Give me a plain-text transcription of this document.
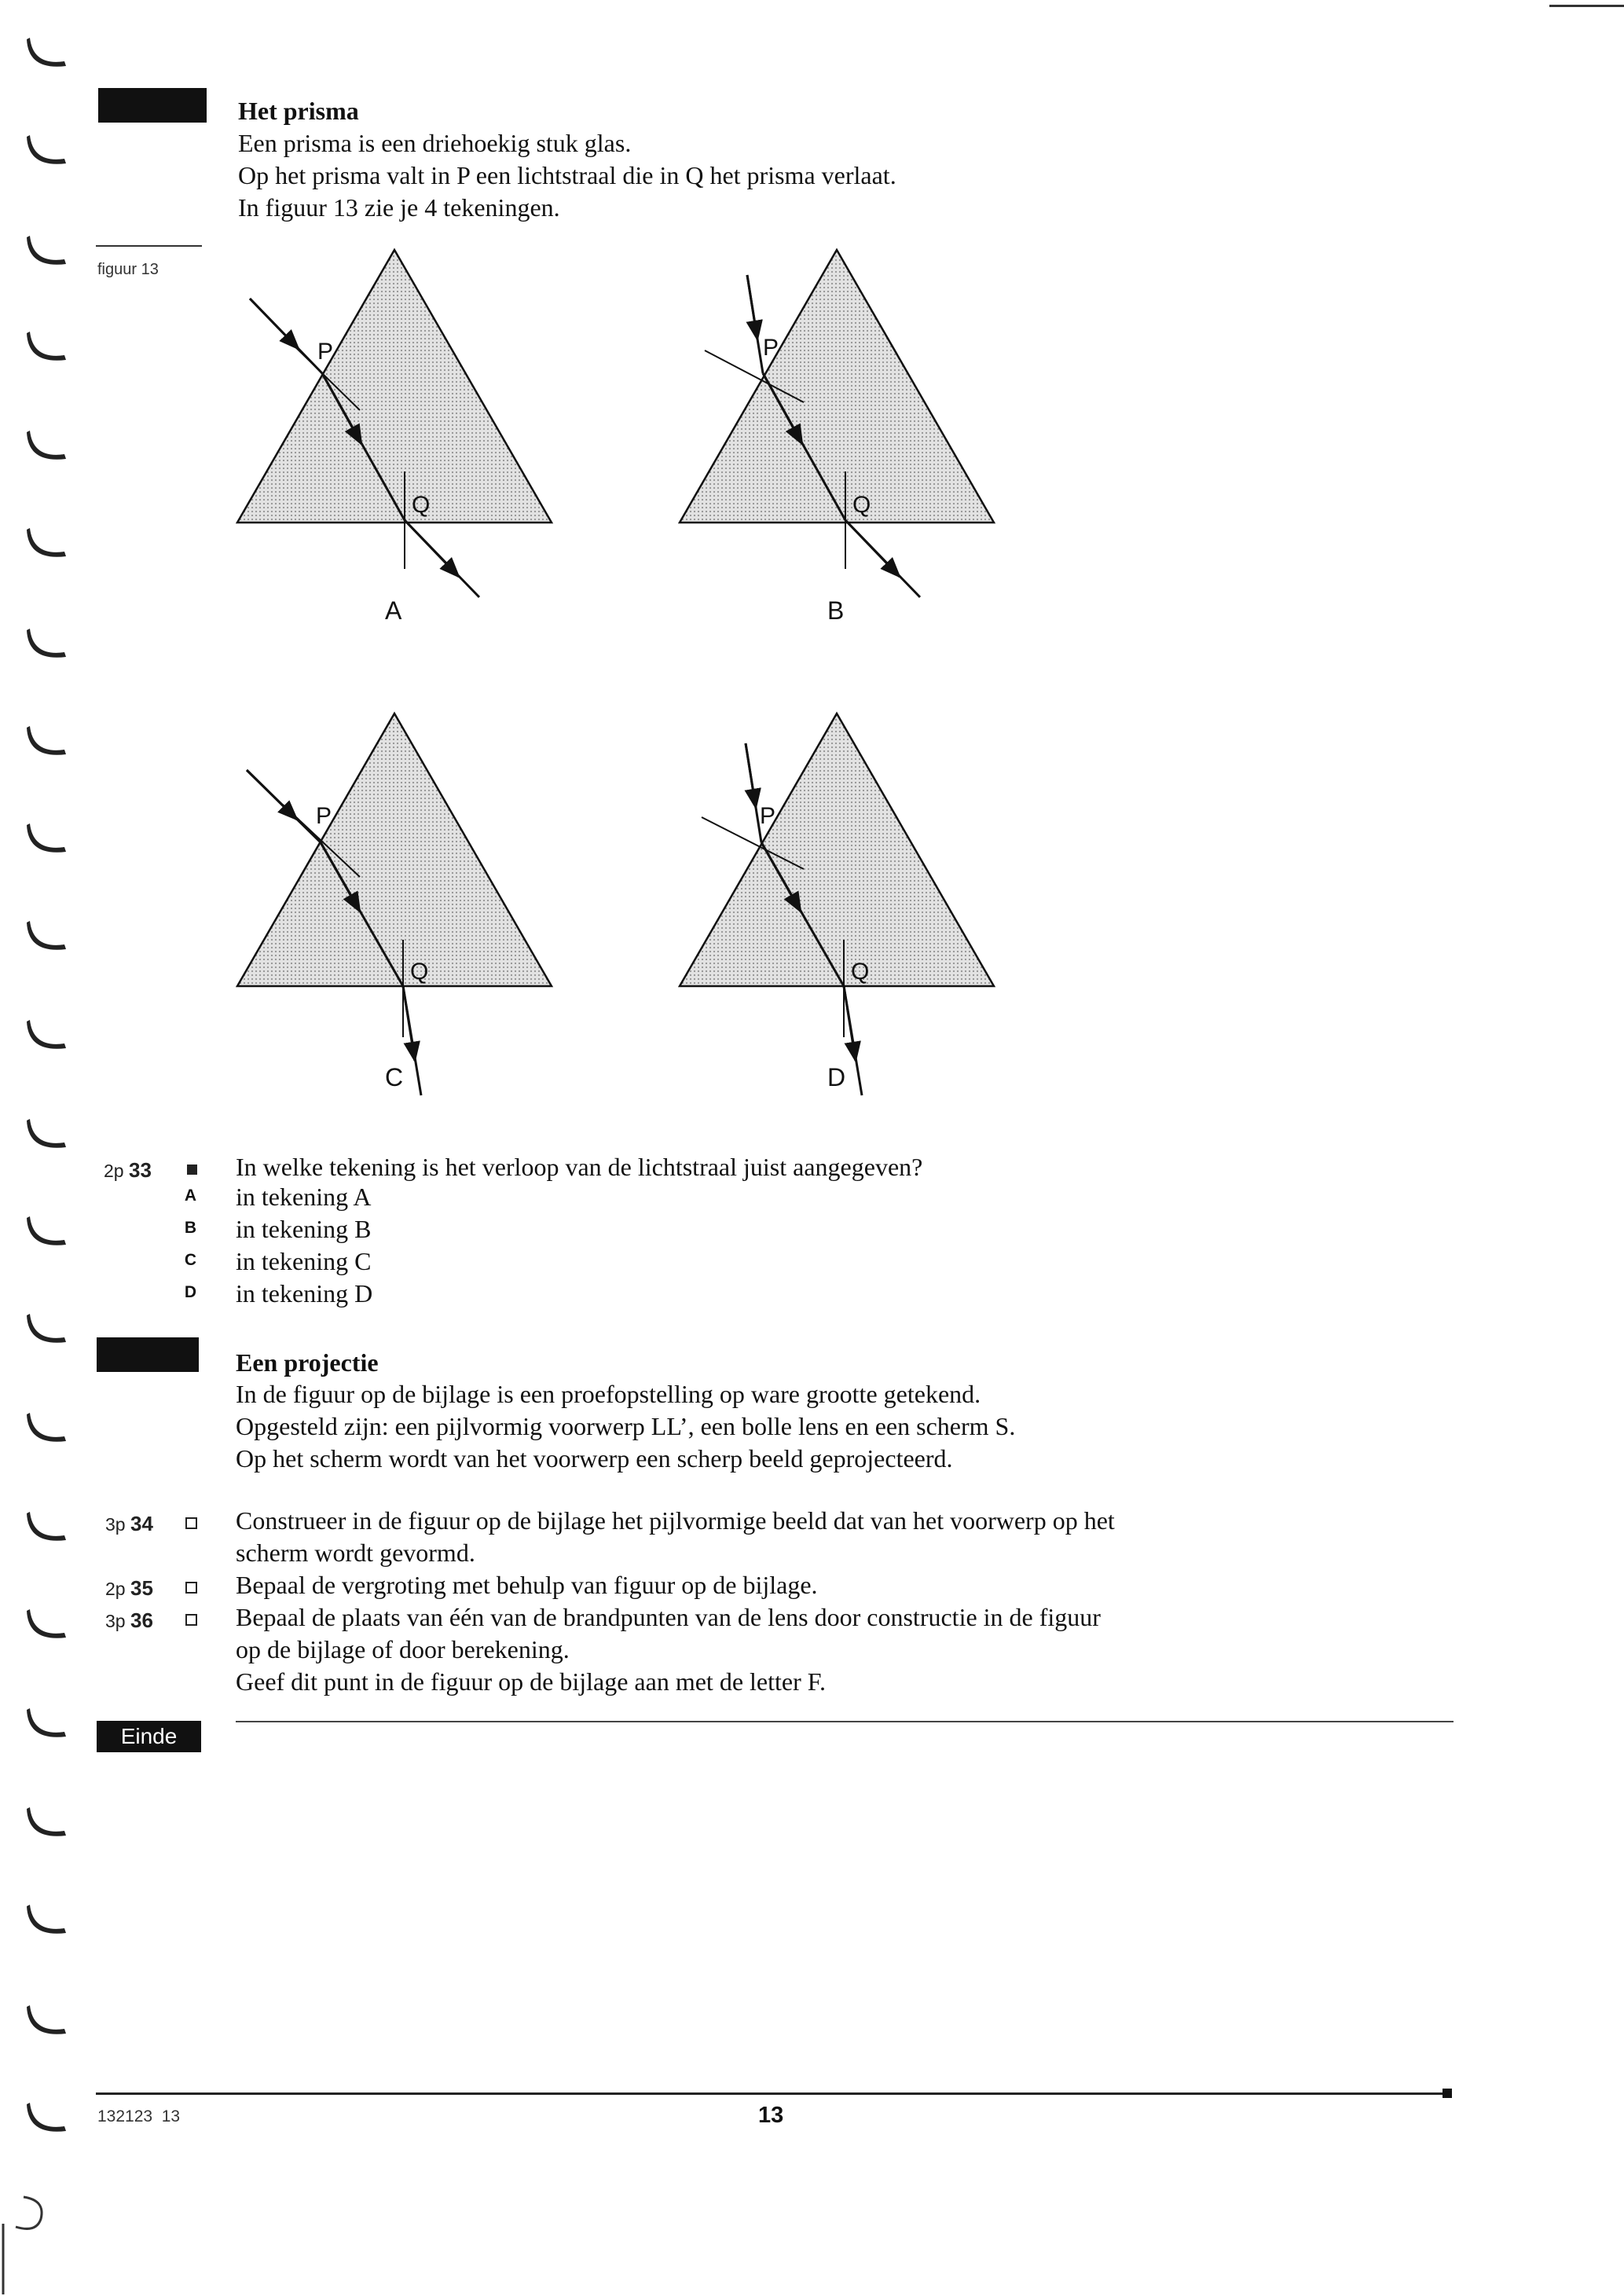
Het prisma
Een prisma is een driehoekig stuk glas.
Op het prisma valt in P een lichtstraal die in Q het prisma verlaat.
In figuur 13 zie je 4 tekeningen.
figuur 13
P
Q
A
P
Q
B
P
Q
C
P
Q
D
2p 33	In welke tekening is het verloop van de lichtstraal juist aangegeven?
A in tekening A
B in tekening B
C in tekening C
D in tekening D
Een projectie
In de figuur op de bijlage is een proefopstelling op ware grootte getekend.
Opgesteld zijn: een pijlvormig voorwerp LL’, een bolle lens en een scherm S.
Op het scherm wordt van het voorwerp een scherp beeld geprojecteerd.
3p 34	Construeer in de figuur op de bijlage het pijlvormige beeld dat van het voorwerp op het
scherm wordt gevormd.
2p 35	Bepaal de vergroting met behulp van figuur op de bijlage.
3p 36	Bepaal de plaats van één van de brandpunten van de lens door constructie in de figuur
op de bijlage of door berekening.
Geef dit punt in de figuur op de bijlage aan met de letter F.
Einde
132123  13	13
